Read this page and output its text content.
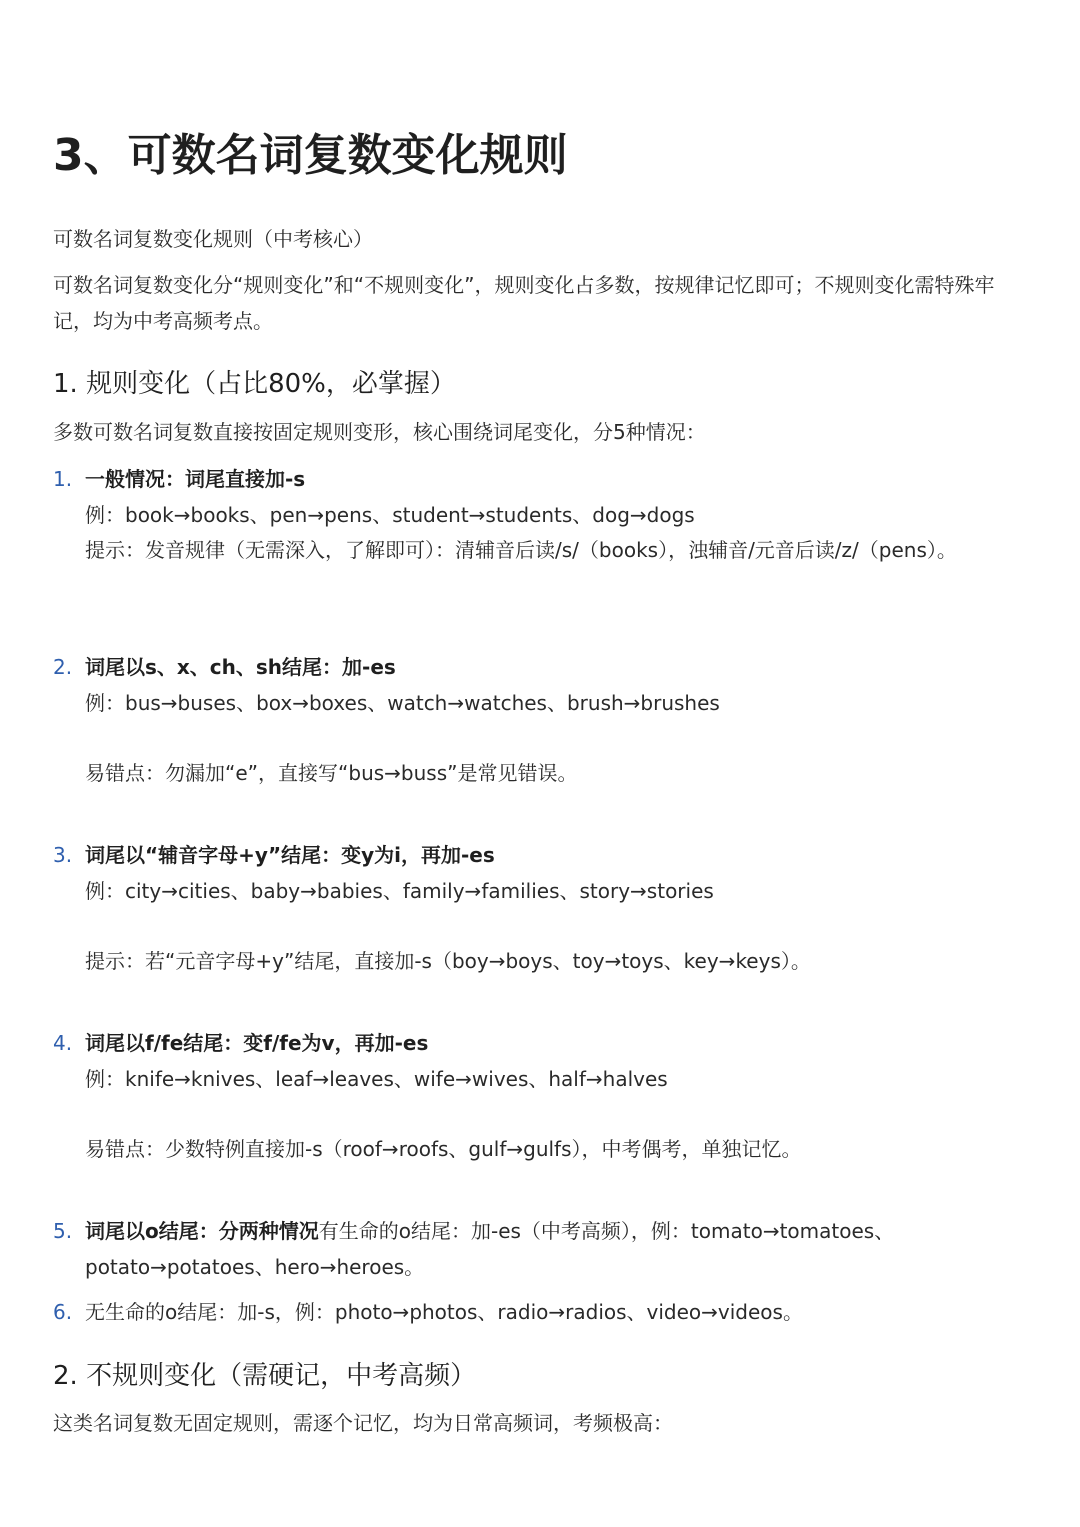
3、可数名词复数变化规则
可数名词复数变化规则（中考核心）
可数名词复数变化分“规则变化”和“不规则变化”，规则变化占多数，按规律记忆即可；不规则变化需特殊牢记，均为中考高频考点。
1. 规则变化（占比80%，必掌握）
多数可数名词复数直接按固定规则变形，核心围绕词尾变化，分5种情况：
1. 一般情况：词尾直接加-s
例：book→books、pen→pens、student→students、dog→dogs
提示：发音规律（无需深入，了解即可）：清辅音后读/s/（books），浊辅音/元音后读/z/（pens）。
2. 词尾以s、x、ch、sh结尾：加-es
例：bus→buses、box→boxes、watch→watches、brush→brushes
易错点：勿漏加“e”，直接写“bus→buss”是常见错误。
3. 词尾以“辅音字母+y”结尾：变y为i，再加-es
例：city→cities、baby→babies、family→families、story→stories
提示：若“元音字母+y”结尾，直接加-s（boy→boys、toy→toys、key→keys）。
4. 词尾以f/fe结尾：变f/fe为v，再加-es
例：knife→knives、leaf→leaves、wife→wives、half→halves
易错点：少数特例直接加-s（roof→roofs、gulf→gulfs），中考偶考，单独记忆。
5. 词尾以o结尾：分两种情况有生命的o结尾：加-es（中考高频），例：tomato→tomatoes、potato→potatoes、hero→heroes。
6. 无生命的o结尾：加-s，例：photo→photos、radio→radios、video→videos。
2. 不规则变化（需硬记，中考高频）
这类名词复数无固定规则，需逐个记忆，均为日常高频词，考频极高：
